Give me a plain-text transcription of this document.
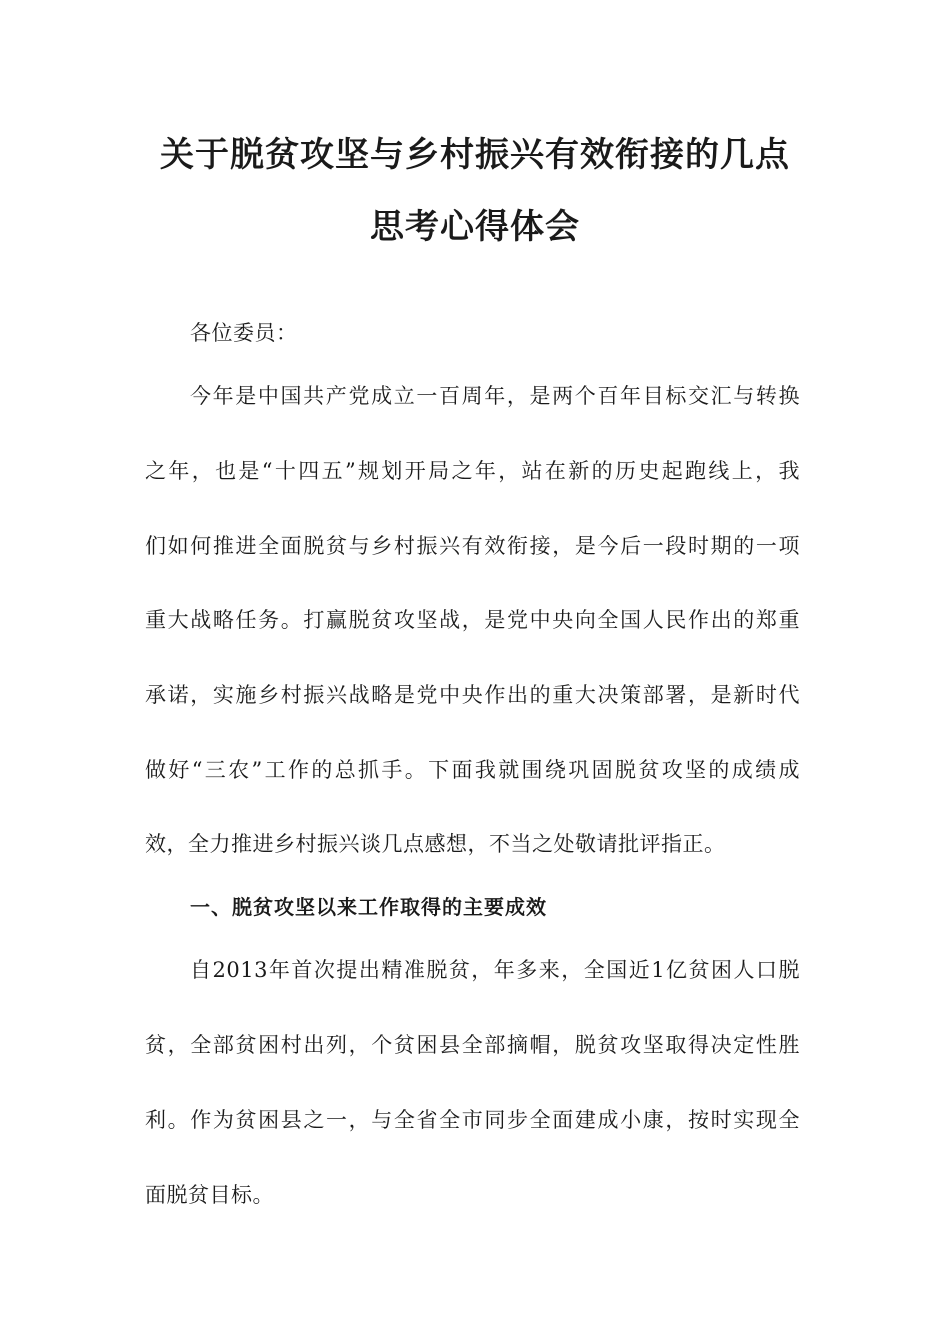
关于脱贫攻坚与乡村振兴有效衔接的几点
思考心得体会
各位委员：
今年是中国共产党成立一百周年，是两个百年目标交汇与转换
之年，也是“十四五”规划开局之年，站在新的历史起跑线上，我
们如何推进全面脱贫与乡村振兴有效衔接，是今后一段时期的一项
重大战略任务。打赢脱贫攻坚战，是党中央向全国人民作出的郑重
承诺，实施乡村振兴战略是党中央作出的重大决策部署，是新时代
做好“三农”工作的总抓手。下面我就围绕巩固脱贫攻坚的成绩成
效，全力推进乡村振兴谈几点感想，不当之处敬请批评指正。
一、脱贫攻坚以来工作取得的主要成效
自2013年首次提出精准脱贫，年多来，全国近1亿贫困人口脱
贫，全部贫困村出列，个贫困县全部摘帽，脱贫攻坚取得决定性胜
利。作为贫困县之一，与全省全市同步全面建成小康，按时实现全
面脱贫目标。
